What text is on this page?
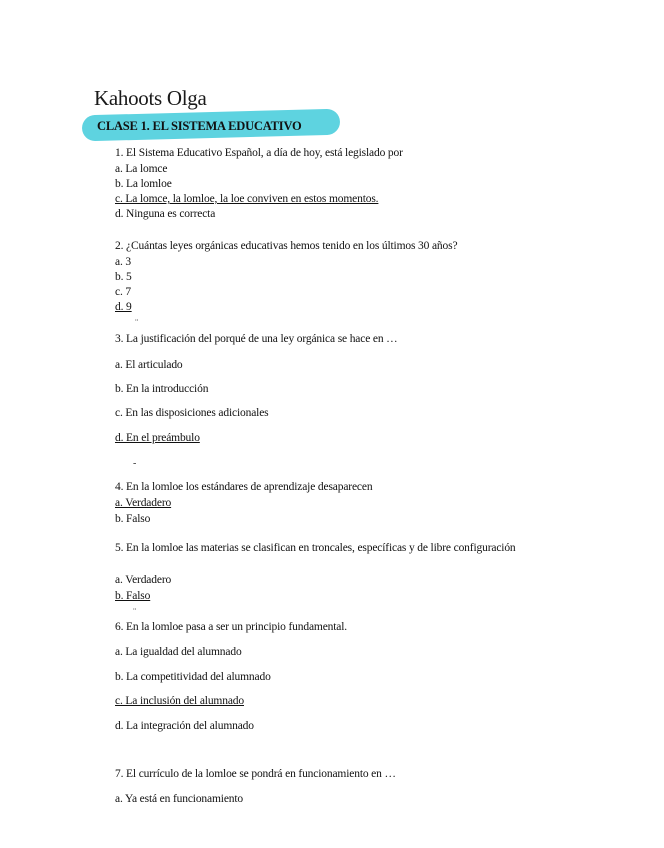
Kahoots Olga
CLASE 1. EL SISTEMA EDUCATIVO
1. El Sistema Educativo Español, a día de hoy, está legislado por
a. La lomce
b. La lomloe
c. La lomce, la lomloe, la loe conviven en estos momentos.
d. Ninguna es correcta
2. ¿Cuántas leyes orgánicas educativas hemos tenido en los últimos 30 años?
a. 3
b. 5
c. 7
d. 9
¨
3. La justificación del porqué de una ley orgánica se hace en …
a. El articulado
b. En la introducción
c. En las disposiciones adicionales
d. En el preámbulo
-
4. En la lomloe los estándares de aprendizaje desaparecen
a. Verdadero
b. Falso
5. En la lomloe las materias se clasifican en troncales, específicas y de libre configuración
a. Verdadero
b. Falso
¨
6. En la lomloe pasa a ser un principio fundamental.
a. La igualdad del alumnado
b. La competitividad del alumnado
c. La inclusión del alumnado
d. La integración del alumnado
7. El currículo de la lomloe se pondrá en funcionamiento en …
a. Ya está en funcionamiento
